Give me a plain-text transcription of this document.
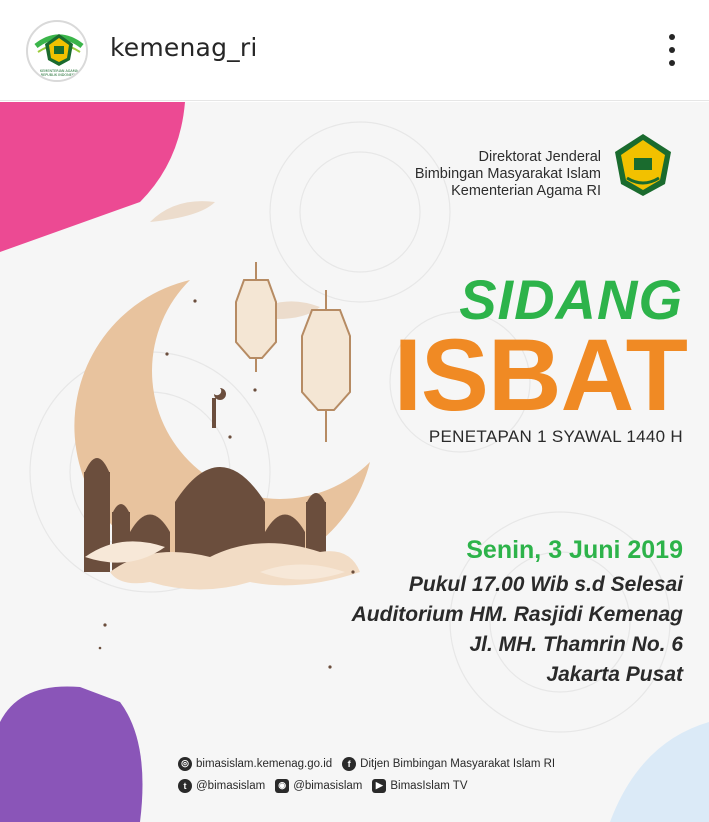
KEMENTERIAN AGAMA
REPUBLIK INDONESIA
kemenag_ri
Direktorat Jenderal
Bimbingan Masyarakat Islam
Kementerian Agama RI
SIDANG
ISBAT
PENETAPAN 1 SYAWAL 1440 H
Senin, 3 Juni 2019
Pukul 17.00 Wib s.d Selesai
Auditorium HM. Rasjidi Kemenag
Jl. MH. Thamrin No. 6
Jakarta Pusat
◎ bimasislam.kemenag.go.id	f Ditjen Bimbingan Masyarakat Islam RI
t @bimasislam	◉ @bimasislam	▶ BimasIslam TV
